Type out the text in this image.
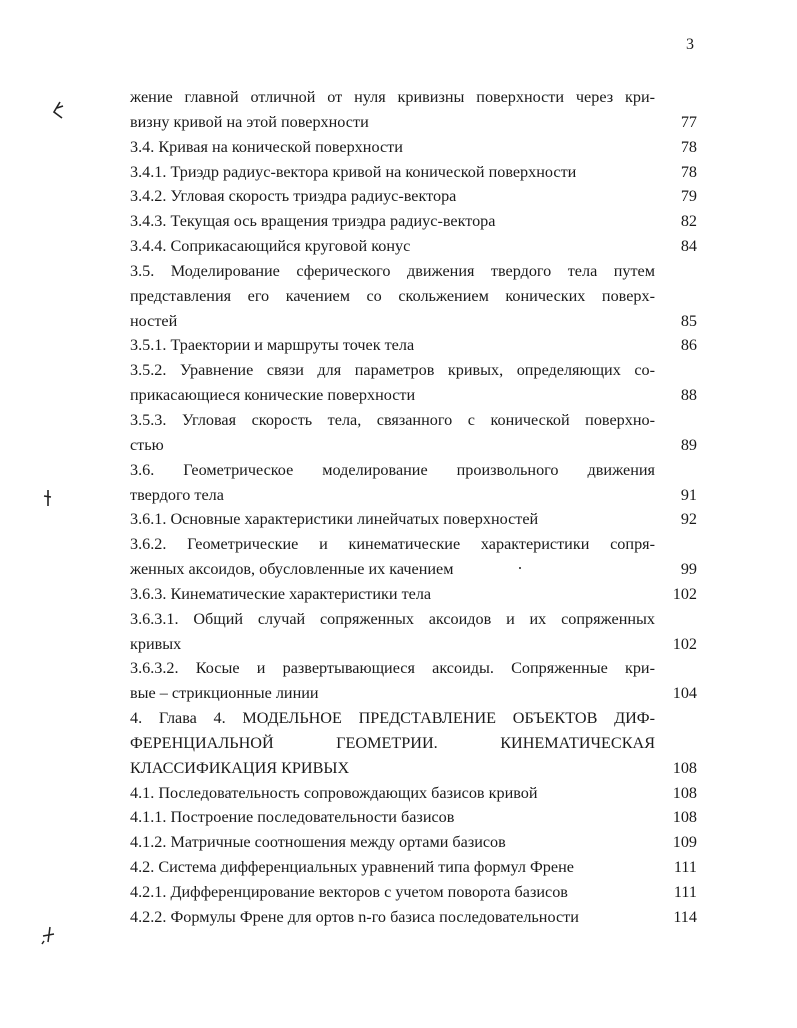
3
жение главной отличной от нуля кривизны поверхности через кри-
визну кривой на этой поверхности	77
3.4. Кривая на конической поверхности	78
3.4.1. Триэдр радиус-вектора кривой на конической поверхности	78
3.4.2. Угловая скорость триэдра радиус-вектора	79
3.4.3. Текущая ось вращения триэдра радиус-вектора	82
3.4.4. Соприкасающийся круговой конус	84
3.5. Моделирование сферического движения твердого тела путем
представления его качением со скольжением конических поверх-
ностей	85
3.5.1. Траектории и маршруты точек тела	86
3.5.2. Уравнение связи для параметров кривых, определяющих со-
прикасающиеся конические поверхности	88
3.5.3. Угловая скорость тела, связанного с конической поверхно-
стью	89
3.6. Геометрическое моделирование произвольного движения
твердого тела	91
3.6.1. Основные характеристики линейчатых поверхностей	92
3.6.2. Геометрические и кинематические характеристики сопря-
женных аксоидов, обусловленные их качением	99
3.6.3. Кинематические характеристики тела	102
3.6.3.1. Общий случай сопряженных аксоидов и их сопряженных
кривых	102
3.6.3.2. Косые и развертывающиеся аксоиды. Сопряженные кри-
вые – стрикционные линии	104
4. Глава 4. МОДЕЛЬНОЕ ПРЕДСТАВЛЕНИЕ ОБЪЕКТОВ ДИФ-
ФЕРЕНЦИАЛЬНОЙ ГЕОМЕТРИИ. КИНЕМАТИЧЕСКАЯ
КЛАССИФИКАЦИЯ КРИВЫХ	108
4.1. Последовательность сопровождающих базисов кривой	108
4.1.1. Построение последовательности базисов	108
4.1.2. Матричные соотношения между ортами базисов	109
4.2. Система дифференциальных уравнений типа формул Френе	111
4.2.1. Дифференцирование векторов с учетом поворота базисов	111
4.2.2. Формулы Френе для ортов n-го базиса последовательности	114
